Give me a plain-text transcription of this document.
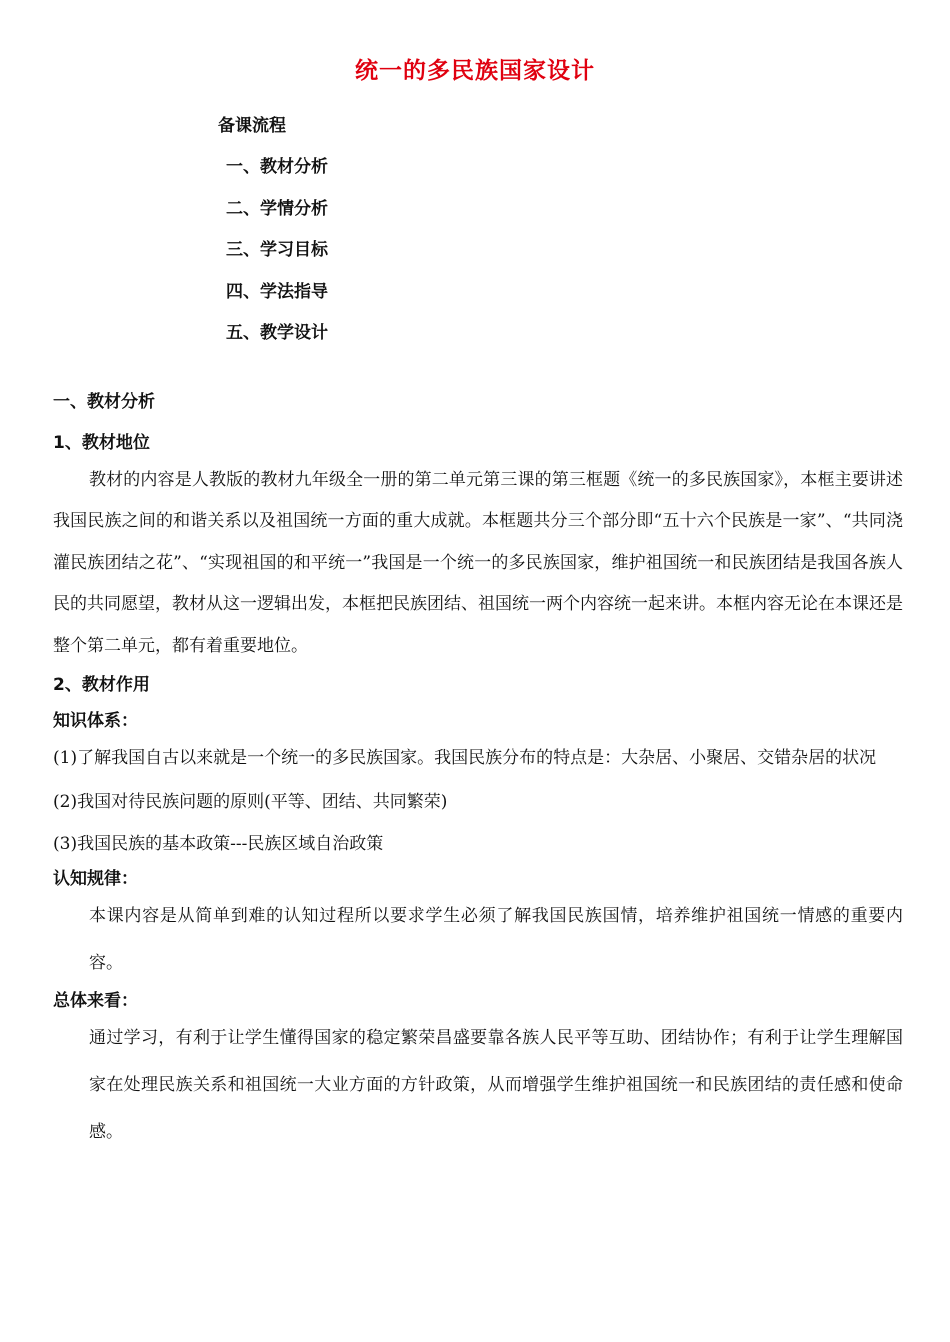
统一的多民族国家设计
备课流程
一、教材分析
二、学情分析
三、学习目标
四、学法指导
五、教学设计
一、教材分析
1、教材地位

教材的内容是人教版的教材九年级全一册的第二单元第三课的第三框题《统一的多民族国家》，本框主要讲述我国民族之间的和谐关系以及祖国统一方面的重大成就。本框题共分三个部分即“五十六个民族是一家”、“共同浇灌民族团结之花”、“实现祖国的和平统一”我国是一个统一的多民族国家，维护祖国统一和民族团结是我国各族人民的共同愿望，教材从这一逻辑出发，本框把民族团结、祖国统一两个内容统一起来讲。本框内容无论在本课还是整个第二单元，都有着重要地位。

2、教材作用
知识体系：

(1)了解我国自古以来就是一个统一的多民族国家。我国民族分布的特点是：大杂居、小聚居、交错杂居的状况

(2)我国对待民族问题的原则(平等、团结、共同繁荣)

(3)我国民族的基本政策---民族区域自治政策

认知规律：

本课内容是从简单到难的认知过程所以要求学生必须了解我国民族国情，培养维护祖国统一情感的重要内容。

总体来看：

通过学习，有利于让学生懂得国家的稳定繁荣昌盛要靠各族人民平等互助、团结协作；有利于让学生理解国家在处理民族关系和祖国统一大业方面的方针政策，从而增强学生维护祖国统一和民族团结的责任感和使命感。
